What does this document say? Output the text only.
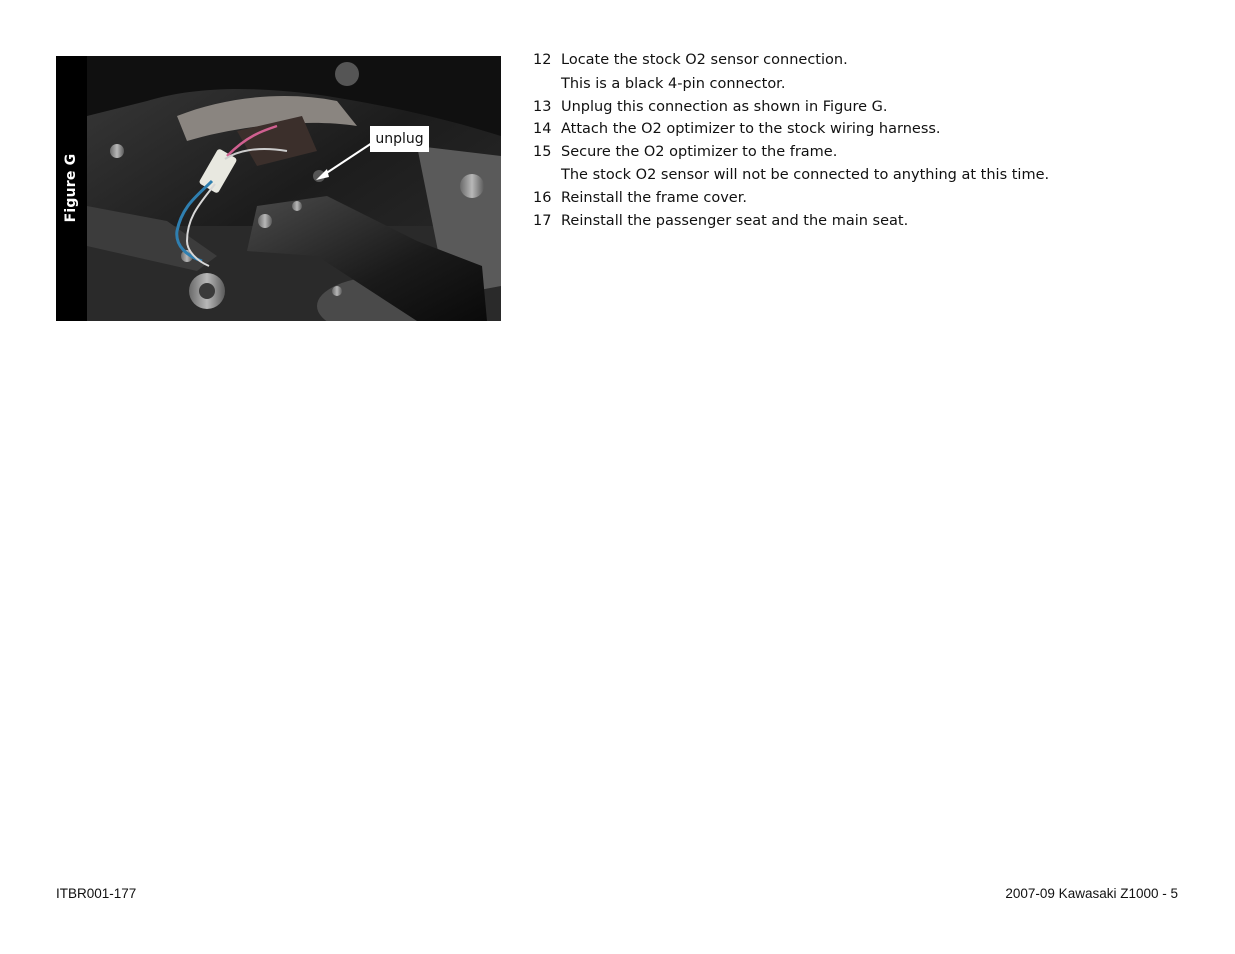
Figure G
unplug
12 Locate the stock O2 sensor connection.
This is a black 4-pin connector.
13 Unplug this connection as shown in Figure G.
14 Attach the O2 optimizer to the stock wiring harness.
15 Secure the O2 optimizer to the frame.
The stock O2 sensor will not be connected to anything at this time.
16 Reinstall the frame cover.
17 Reinstall the passenger seat and the main seat.
ITBR001-177	2007-09 Kawasaki Z1000 - 5
